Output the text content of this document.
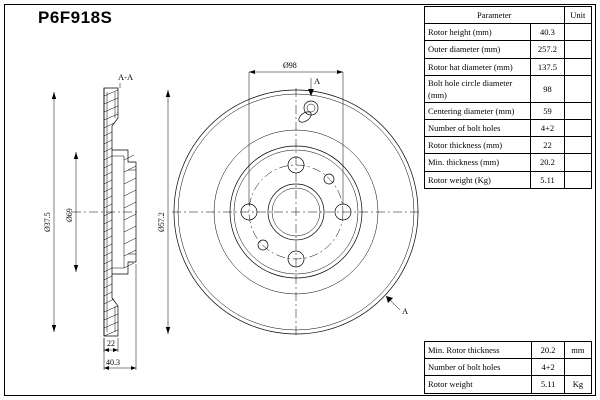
P6F918S
A-A
Ø37.5 Ø69
22
40.3
Ø98
A
A
Ø57.2
Parameter		Unit
Rotor height (mm)	40.3	
Outer diameter (mm)	257.2	
Rotor hat diameter (mm)	137.5	
Bolt hole circle diameter (mm)	98	
Centering diameter (mm)	59	
Number of bolt holes	4+2	
Rotor thickness (mm)	22	
Min. thickness (mm)	20.2	
Rotor weight (Kg)	5.11	
Min. Rotor thickness	20.2	mm
Number of bolt holes	4+2	
Rotor weight	5.11	Kg
